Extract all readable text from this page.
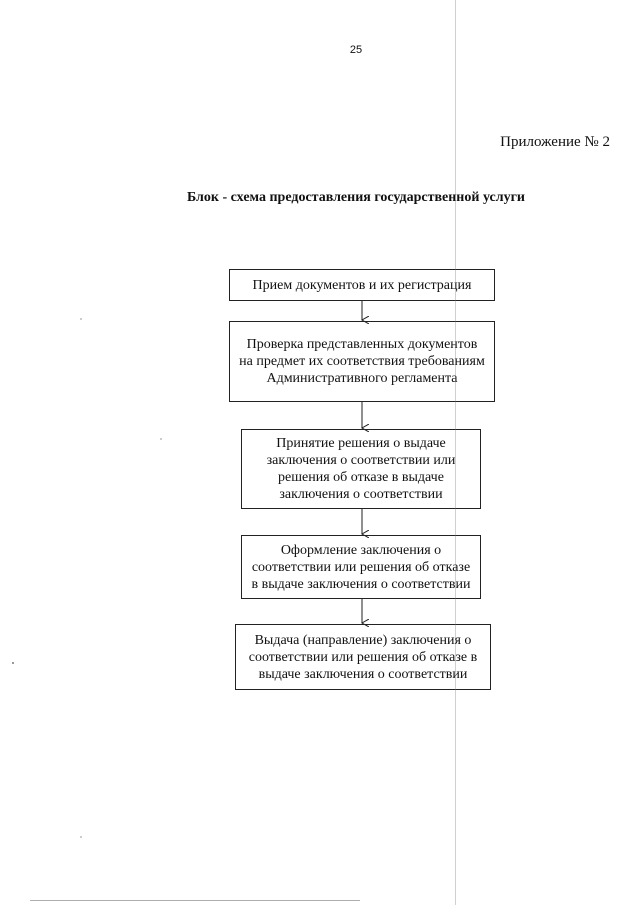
25
Приложение № 2
Блок - схема предоставления государственной услуги
Прием документов и их регистрация
Проверка представленных документов на предмет их соответствия требованиям Административного регламента
Принятие решения о выдаче заключения о соответствии или решения об отказе в выдаче заключения о соответствии
Оформление заключения о соответствии или решения об отказе в выдаче заключения о соответствии
Выдача (направление) заключения о соответствии или решения об отказе в выдаче заключения о соответствии
